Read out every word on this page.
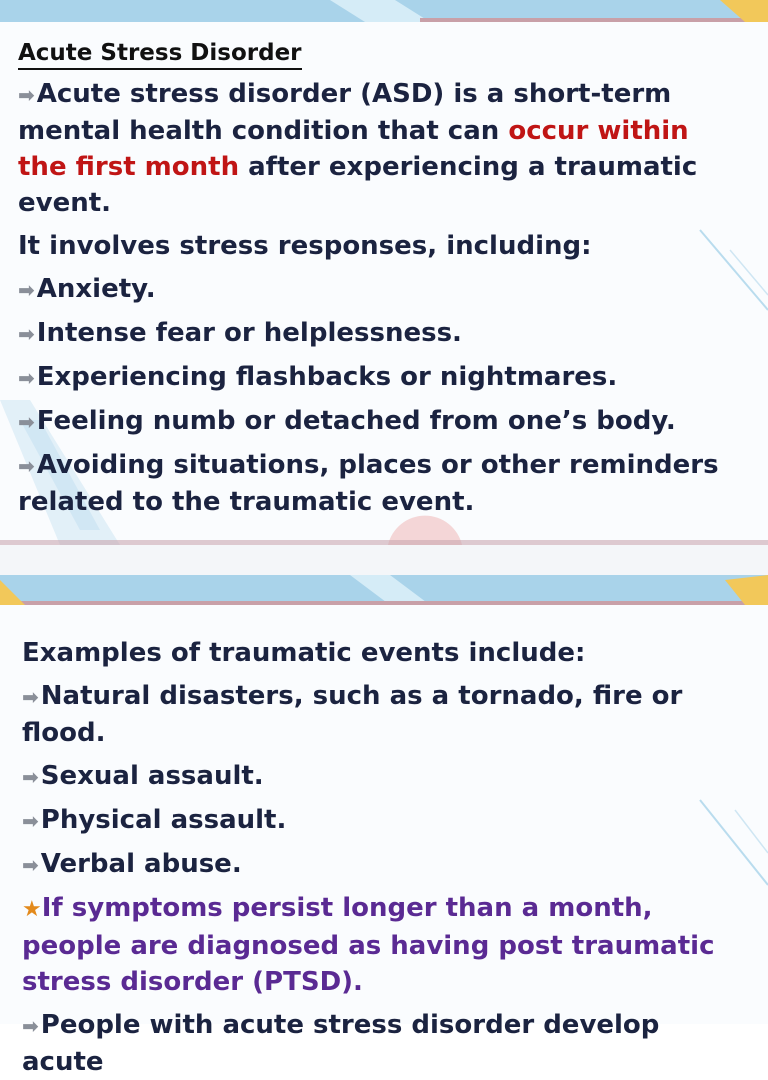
Acute Stress Disorder

➡Acute stress disorder (ASD) is a short-term mental health condition that can occur within the first month after experiencing a traumatic event.

It involves stress responses, including:

➡Anxiety.

➡Intense fear or helplessness.

➡Experiencing flashbacks or nightmares.

➡Feeling numb or detached from one’s body.

➡Avoiding situations, places or other reminders related to the traumatic event.

Examples of traumatic events include:

➡Natural disasters, such as a tornado, fire or flood.

➡Sexual assault.

➡Physical assault.

➡Verbal abuse.

★If symptoms persist longer than a month, people are diagnosed as having post traumatic stress disorder (PTSD).

➡People with acute stress disorder develop acute
